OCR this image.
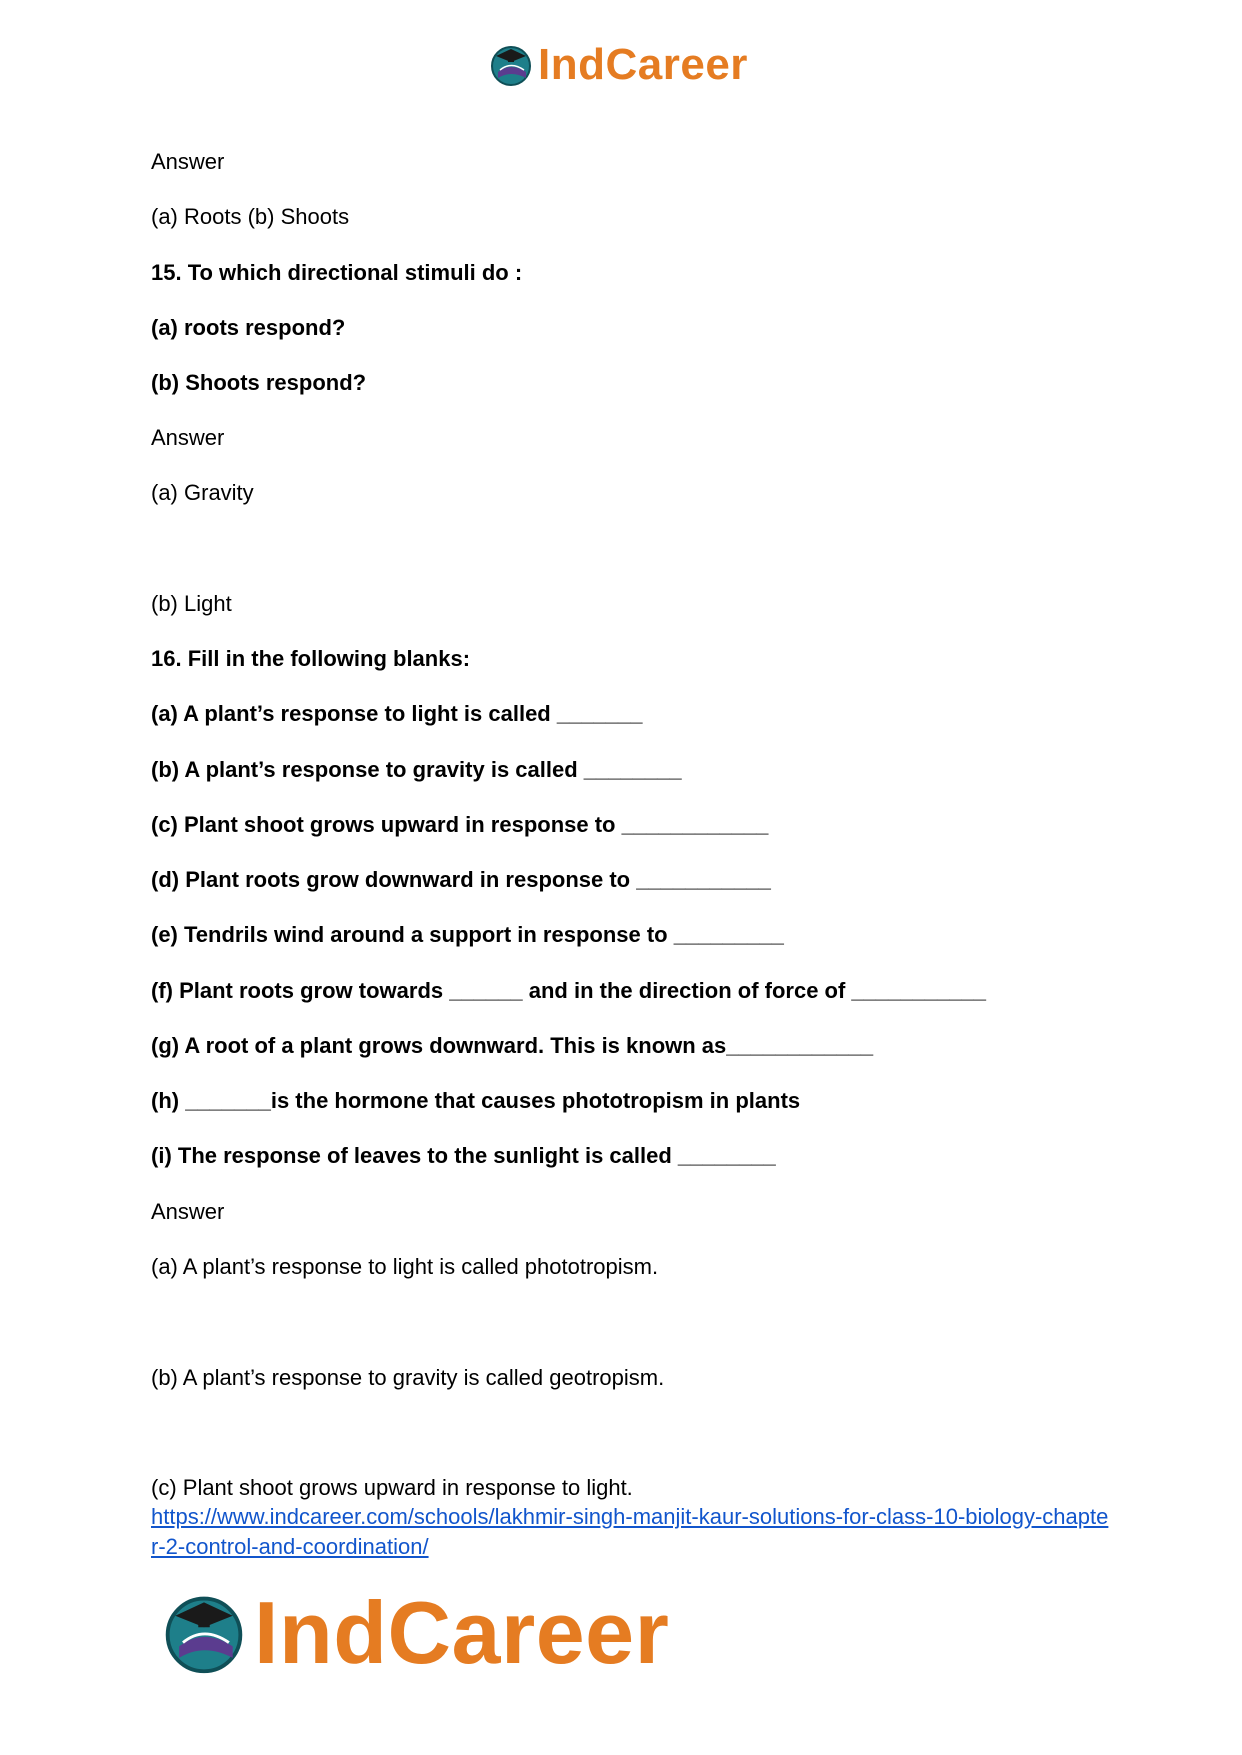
IndCareer
Answer
(a) Roots (b) Shoots
15. To which directional stimuli do :
(a) roots respond?
(b) Shoots respond?
Answer
(a) Gravity
(b) Light
16. Fill in the following blanks:
(a) A plant’s response to light is called _______
(b) A plant’s response to gravity is called ________
(c) Plant shoot grows upward in response to ____________
(d) Plant roots grow downward in response to ___________
(e) Tendrils wind around a support in response to _________
(f) Plant roots grow towards ______ and in the direction of force of ___________
(g) A root of a plant grows downward. This is known as____________
(h) _______is the hormone that causes phototropism in plants
(i) The response of leaves to the sunlight is called ________
Answer
(a) A plant’s response to light is called phototropism.
(b) A plant’s response to gravity is called geotropism.
(c) Plant shoot grows upward in response to light.
https://www.indcareer.com/schools/lakhmir-singh-manjit-kaur-solutions-for-class-10-biology-chapter-2-control-and-coordination/
IndCareer
